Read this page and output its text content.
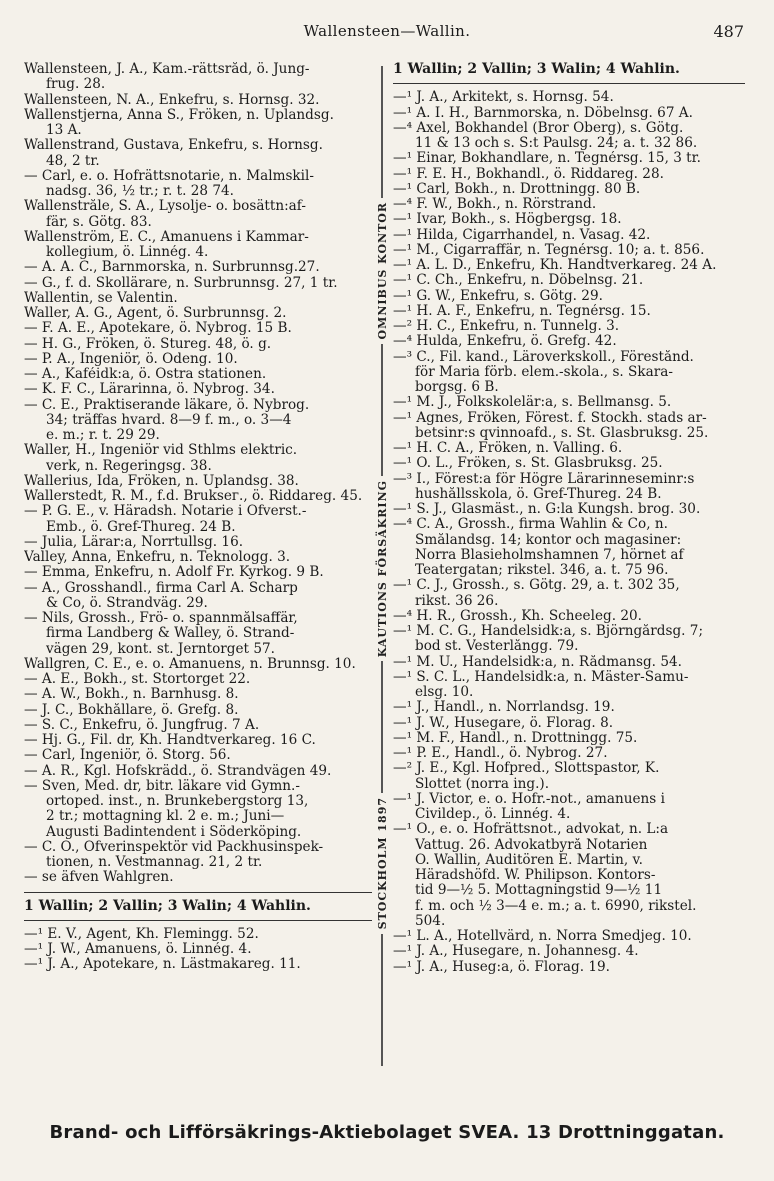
Wallensteen—Wallin.	487
Wallensteen, J. A., Kam.-rättsråd, ö. Jung-
frug. 28.
Wallensteen, N. A., Enkefru, s. Hornsg. 32.
Wallenstjerna, Anna S., Fröken, n. Uplandsg.
13 A.
Wallenstrand, Gustava, Enkefru, s. Hornsg.
48, 2 tr.
— Carl, e. o. Hofrättsnotarie, n. Malmskil-
nadsg. 36, ½ tr.; r. t. 28 74.
Wallenstråle, S. A., Lysolje- o. bosättn:af-
fär, s. Götg. 83.
Wallenström, E. C., Amanuens i Kammar-
kollegium, ö. Linnég. 4.
— A. A. C., Barnmorska, n. Surbrunnsg.27.
— G., f. d. Skollärare, n. Surbrunnsg. 27, 1 tr.
Wallentin, se Valentin.
Waller, A. G., Agent, ö. Surbrunnsg. 2.
— F. A. E., Apotekare, ö. Nybrog. 15 B.
— H. G., Fröken, ö. Stureg. 48, ö. g.
— P. A., Ingeniör, ö. Odeng. 10.
— A., Kaféidk:a, ö. Östra stationen.
— K. F. C., Lärarinna, ö. Nybrog. 34.
— C. E., Praktiserande läkare, ö. Nybrog.
34; träffas hvard. 8—9 f. m., o. 3—4
e. m.; r. t. 29 29.
Waller, H., Ingeniör vid Sthlms elektric.
verk, n. Regeringsg. 38.
Wallerius, Ida, Fröken, n. Uplandsg. 38.
Wallerstedt, R. M., f.d. Bruksег., ö. Riddareg. 45.
— P. G. E., v. Häradsh. Notarie i Öfverst.-
Emb., ö. Gref-Thureg. 24 B.
— Julia, Lärar:a, Norrtullsg. 16.
Valley, Anna, Enkefru, n. Teknologg. 3.
— Emma, Enkefru, n. Adolf Fr. Kyrkog. 9 B.
— A., Grosshandl., firma Carl A. Scharp
& Co, ö. Strandväg. 29.
— Nils, Grossh., Frö- o. spannmålsaffär,
firma Landberg & Walley, ö. Strand-
vägen 29, kont. st. Jerntorget 57.
Wallgren, C. E., e. o. Amanuens, n. Brunnsg. 10.
— A. E., Bokh., st. Stortorget 22.
— A. W., Bokh., n. Barnhusg. 8.
— J. C., Bokhållare, ö. Grefg. 8.
— S. C., Enkefru, ö. Jungfrug. 7 A.
— Hj. G., Fil. dr, Kh. Handtverkareg. 16 C.
— Carl, Ingeniör, ö. Storg. 56.
— A. R., Kgl. Hofskrädd., ö. Strandvägen 49.
— Sven, Med. dr, bitr. läkare vid Gymn.-
ortoped. inst., n. Brunkebergstorg 13,
2 tr.; mottagning kl. 2 e. m.; Juni—
Augusti Badintendent i Söderköping.
— C. O., Öfverinspektör vid Packhusinspek-
tionen, n. Vestmannag. 21, 2 tr.
— se äfven Wahlgren.
1 Wallin; 2 Vallin; 3 Walin; 4 Wahlin.
—¹ E. V., Agent, Kh. Flemingg. 52.
—¹ J. W., Amanuens, ö. Linnég. 4.
—¹ J. A., Apotekare, n. Lästmakareg. 11.
OMNIBUS KONTOR
KAUTIONS FÖRSÄKRING
STOCKHOLM 1897
1 Wallin; 2 Vallin; 3 Walin; 4 Wahlin.
—¹ J. A., Arkitekt, s. Hornsg. 54.
—¹ A. I. H., Barnmorska, n. Döbelnsg. 67 A.
—⁴ Axel, Bokhandel (Bror Öberg), s. Götg.
11 & 13 och s. S:t Paulsg. 24; a. t. 32 86.
—¹ Einar, Bokhandlare, n. Tegnérsg. 15, 3 tr.
—¹ F. E. H., Bokhandl., ö. Riddareg. 28.
—¹ Carl, Bokh., n. Drottningg. 80 B.
—⁴ F. W., Bokh., n. Rörstrand.
—¹ Ivar, Bokh., s. Högbergsg. 18.
—¹ Hilda, Cigarrhandel, n. Vasag. 42.
—¹ M., Cigarraffär, n. Tegnérsg. 10; a. t. 856.
—¹ A. L. D., Enkefru, Kh. Handtverkareg. 24 A.
—¹ C. Ch., Enkefru, n. Döbelnsg. 21.
—¹ G. W., Enkefru, s. Götg. 29.
—¹ H. A. F., Enkefru, n. Tegnérsg. 15.
—² H. C., Enkefru, n. Tunnelg. 3.
—⁴ Hulda, Enkefru, ö. Grefg. 42.
—³ C., Fil. kand., Läroverkskoll., Förestånd.
för Maria förb. elem.-skola., s. Skara-
borgsg. 6 B.
—¹ M. J., Folkskolelär:a, s. Bellmansg. 5.
—¹ Agnes, Fröken, Förest. f. Stockh. stads ar-
betsinr:s qvinnoafd., s. St. Glasbruksg. 25.
—¹ H. C. A., Fröken, n. Valling. 6.
—¹ O. L., Fröken, s. St. Glasbruksg. 25.
—³ I., Förest:a för Högre Lärarinneseminr:s
hushållsskola, ö. Gref-Thureg. 24 B.
—¹ S. J., Glasmäst., n. G:la Kungsh. brog. 30.
—⁴ C. A., Grossh., firma Wahlin & Co, n.
Smålandsg. 14; kontor och magasiner:
Norra Blasieholmshamnen 7, hörnet af
Teatergatan; rikstel. 346, a. t. 75 96.
—¹ C. J., Grossh., s. Götg. 29, a. t. 302 35,
rikst. 36 26.
—⁴ H. R., Grossh., Kh. Scheeleg. 20.
—¹ M. C. G., Handelsidk:a, s. Björngårdsg. 7;
bod st. Vesterlångg. 79.
—¹ M. U., Handelsidk:a, n. Rådmansg. 54.
—¹ S. C. L., Handelsidk:a, n. Mäster-Samu-
elsg. 10.
—¹ J., Handl., n. Norrlandsg. 19.
—¹ J. W., Husegare, ö. Florag. 8.
—¹ M. F., Handl., n. Drottningg. 75.
—¹ P. E., Handl., ö. Nybrog. 27.
—² J. E., Kgl. Hofpred., Slottspastor, K.
Slottet (norra ing.).
—¹ J. Victor, e. o. Hofr.-not., amanuens i
Civildep., ö. Linnég. 4.
—¹ O., e. o. Hofrättsnot., advokat, n. L:a
Vattug. 26. Advokatbyrå Notarien
O. Wallin, Auditören E. Martin, v.
Häradshöfd. W. Philipson. Kontors-
tid 9—½ 5. Mottagningstid 9—½ 11
f. m. och ½ 3—4 e. m.; a. t. 6990, rikstel.
504.
—¹ L. A., Hotellvärd, n. Norra Smedjeg. 10.
—¹ J. A., Husegare, n. Johannesg. 4.
—¹ J. A., Huseg:a, ö. Florag. 19.
Brand- och Lifförsäkrings-Aktiebolaget SVEA. 13 Drottninggatan.
